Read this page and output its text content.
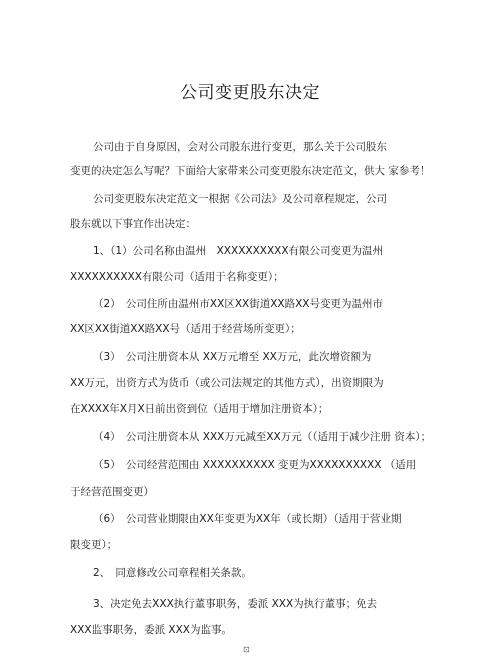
公司变更股东决定
公司由于自身原因，会对公司股东进行变更，那么关于公司股东
变更的决定怎么写呢？下面给大家带来公司变更股东决定范文，供大 家参考！
公司变更股东决定范文一根据《公司法》及公司章程规定，公司
股东就以下事宜作出决定：
1、（1）公司名称由温州　XXXXXXXXXX有限公司变更为温州
XXXXXXXXXX有限公司（适用于名称变更）；
（2）　公司住所由温州市XX区XX街道XX路XX号变更为温州市
XX区XX街道XX路XX号（适用于经营场所变更）；
（3）　公司注册资本从 XX万元增至 XX万元，此次增资额为
XX万元，出资方式为货币（或公司法规定的其他方式），出资期限为
在XXXX年X月X日前出资到位（适用于增加注册资本）；
（4）　公司注册资本从 XXX万元减至XX万元（（适用于减少注册 资本）；
（5）　公司经营范围由 XXXXXXXXXX 变更为XXXXXXXXXX （适用
于经营范围变更）
（6）　公司营业期限由XX年变更为XX年（或长期）（适用于营业期
限变更）；
2、　同意修改公司章程相关条款。
3、决定免去XXX执行董事职务，委派 XXX为执行董事；免去
XXX监事职务，委派 XXX为监事。
⊡
